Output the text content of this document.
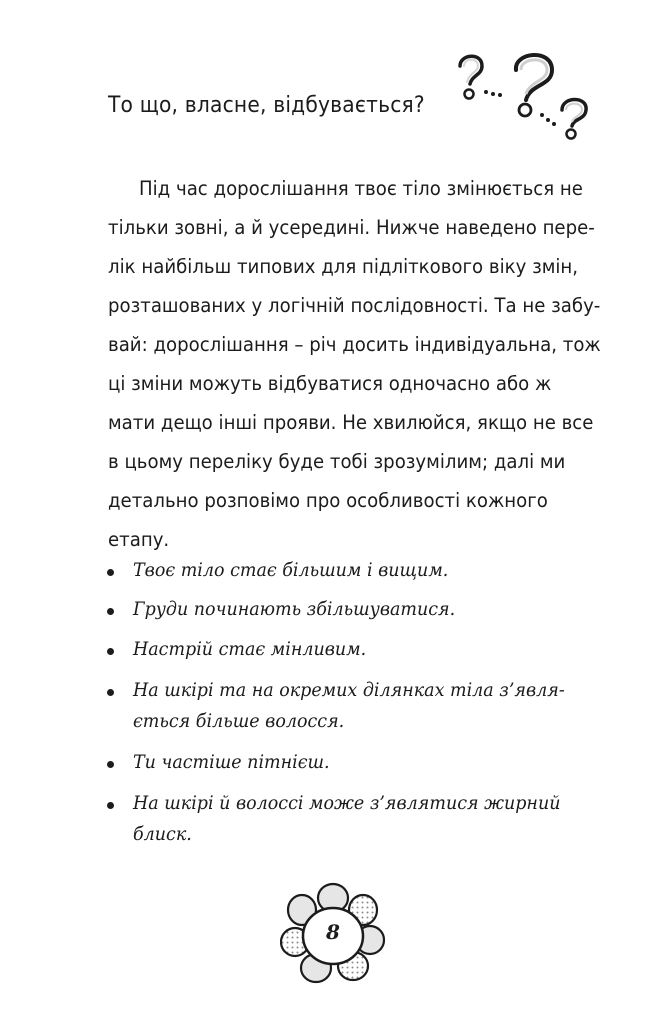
То що, власне, відбувається?
Під час дорослішання твоє тіло змінюється не
тільки зовні, а й усередині. Нижче наведено пере-
лік найбільш типових для підліткового віку змін,
розташованих у логічній послідовності. Та не забу-
вай: дорослішання – річ досить індивідуальна, тож
ці зміни можуть відбуватися одночасно або ж
мати дещо інші прояви. Не хвилюйся, якщо не все
в цьому переліку буде тобі зрозумілим; далі ми
детально розповімо про особливості кожного
етапу.
Твоє тіло стає більшим і вищим.
Груди починають збільшуватися.
Настрій стає мінливим.
На шкірі та на окремих ділянках тіла з’явля-
ється більше волосся.
Ти частіше пітнієш.
На шкірі й волоссі може з’являтися жирний
блиск.
8
